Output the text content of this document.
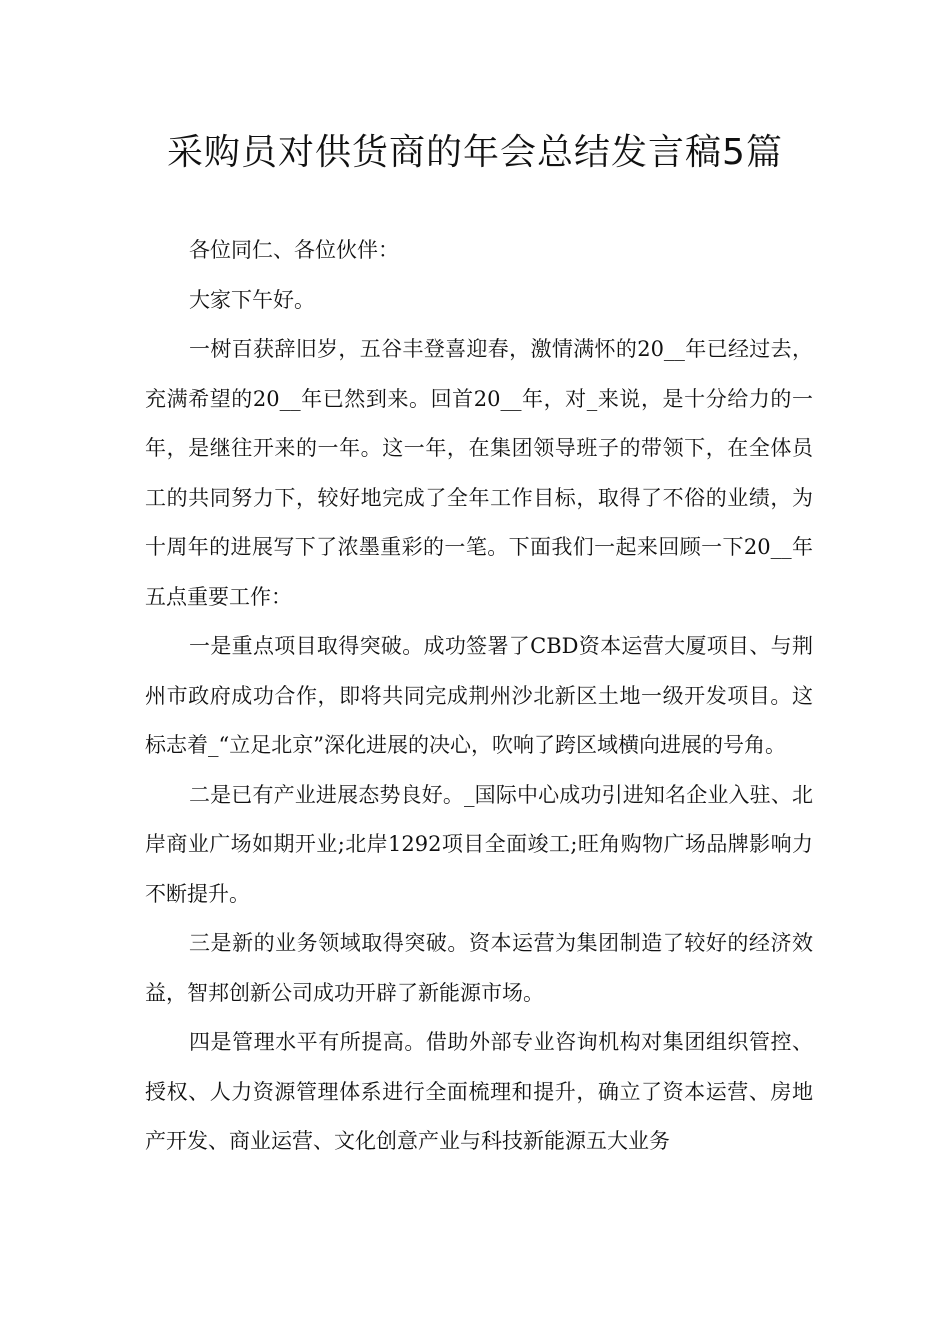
采购员对供货商的年会总结发言稿5篇

各位同仁、各位伙伴：

大家下午好。

一树百获辞旧岁，五谷丰登喜迎春，激情满怀的20__年已经过去，充满希望的20__年已然到来。回首20__年，对_来说，是十分给力的一年，是继往开来的一年。这一年，在集团领导班子的带领下，在全体员工的共同努力下，较好地完成了全年工作目标，取得了不俗的业绩，为十周年的进展写下了浓墨重彩的一笔。下面我们一起来回顾一下20__年五点重要工作：

一是重点项目取得突破。成功签署了CBD资本运营大厦项目、与荆州市政府成功合作，即将共同完成荆州沙北新区土地一级开发项目。这标志着_“立足北京”深化进展的决心，吹响了跨区域横向进展的号角。

二是已有产业进展态势良好。_国际中心成功引进知名企业入驻、北岸商业广场如期开业;北岸1292项目全面竣工;旺角购物广场品牌影响力不断提升。

三是新的业务领域取得突破。资本运营为集团制造了较好的经济效益，智邦创新公司成功开辟了新能源市场。

四是管理水平有所提高。借助外部专业咨询机构对集团组织管控、授权、人力资源管理体系进行全面梳理和提升，确立了资本运营、房地产开发、商业运营、文化创意产业与科技新能源五大业务
